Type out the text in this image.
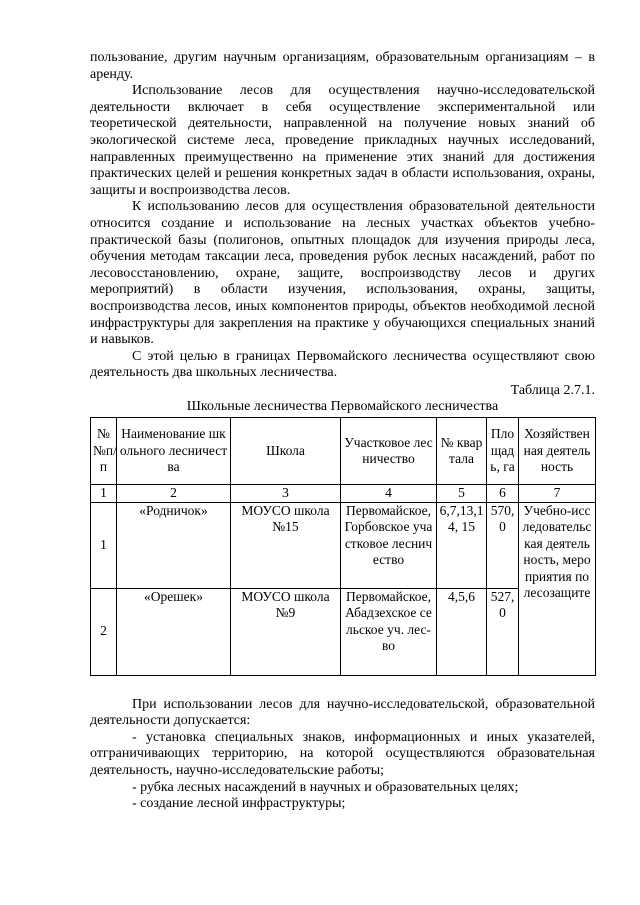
пользование, другим научным организациям, образовательным организациям – в аренду.

Использование лесов для осуществления научно-исследовательской деятельности включает в себя осуществление экспериментальной или теоретической деятельности, направленной на получение новых знаний об экологической системе леса, проведение прикладных научных исследований, направленных преимущественно на применение этих знаний для достижения практических целей и решения конкретных задач в области использования, охраны, защиты и воспроизводства лесов.

К использованию лесов для осуществления образовательной деятельности относится создание и использование на лесных участках объектов учебно-практической базы (полигонов, опытных площадок для изучения природы леса, обучения методам таксации леса, проведения рубок лесных насаждений, работ по лесовосстановлению, охране, защите, воспроизводству лесов и других мероприятий) в области изучения, использования, охраны, защиты, воспроизводства лесов, иных компонентов природы, объектов необходимой лесной инфраструктуры для закрепления на практике у обучающихся специальных знаний и навыков.

С этой целью в границах Первомайского лесничества осуществляют свою деятельность два школьных лесничества.

Таблица 2.7.1.
Школьные лесничества Первомайского лесничества
№ №п/п	Наименование школьного лесничества	Школа	Участковое лесничество	№ квартала	Площадь, га	Хозяйственная деятельность
1	2	3	4	5	6	7
1	«Родничок»	МОУСО школа №15	Первомайское, Горбовское участковое лесничество	6,7,13,14, 15	570,0	Учебно-исследовательская деятельность, мероприятия по лесозащите
2	«Орешек»	МОУСО школа №9	Первомайское, Абадзехское сельское уч. лес-во	4,5,6	527,0	

При использовании лесов для научно-исследовательской, образовательной деятельности допускается:

- установка специальных знаков, информационных и иных указателей, отграничивающих территорию, на которой осуществляются образовательная деятельность, научно-исследовательские работы;

- рубка лесных насаждений в научных и образовательных целях;

- создание лесной инфраструктуры;
